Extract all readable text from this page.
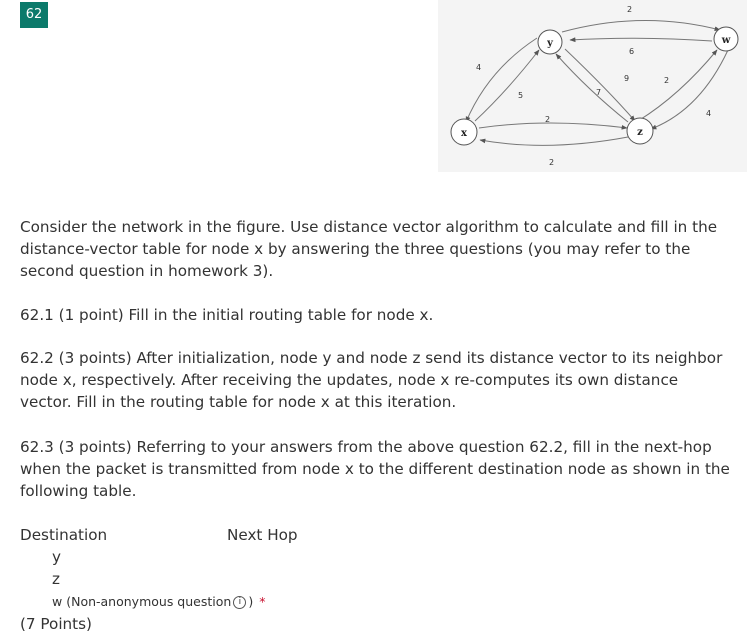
62	2
6
4
5	7
9	2
4
2
2
y	w
x	z

Consider the network in the figure. Use distance vector algorithm to calculate and fill in the distance-vector table for node x by answering the three questions (you may refer to the second question in homework 3).

62.1 (1 point) Fill in the initial routing table for node x.

62.2 (3 points) After initialization, node y and node z send its distance vector to its neighbor node x, respectively. After receiving the updates, node x re-computes its own distance vector. Fill in the routing table for node x at this iteration.

62.3 (3 points) Referring to your answers from the above question 62.2, fill in the next-hop when the packet is transmitted from node x to the different destination node as shown in the following table.

Destination	Next Hop
y
z
w (Non-anonymous question i ) *
(7 Points)
